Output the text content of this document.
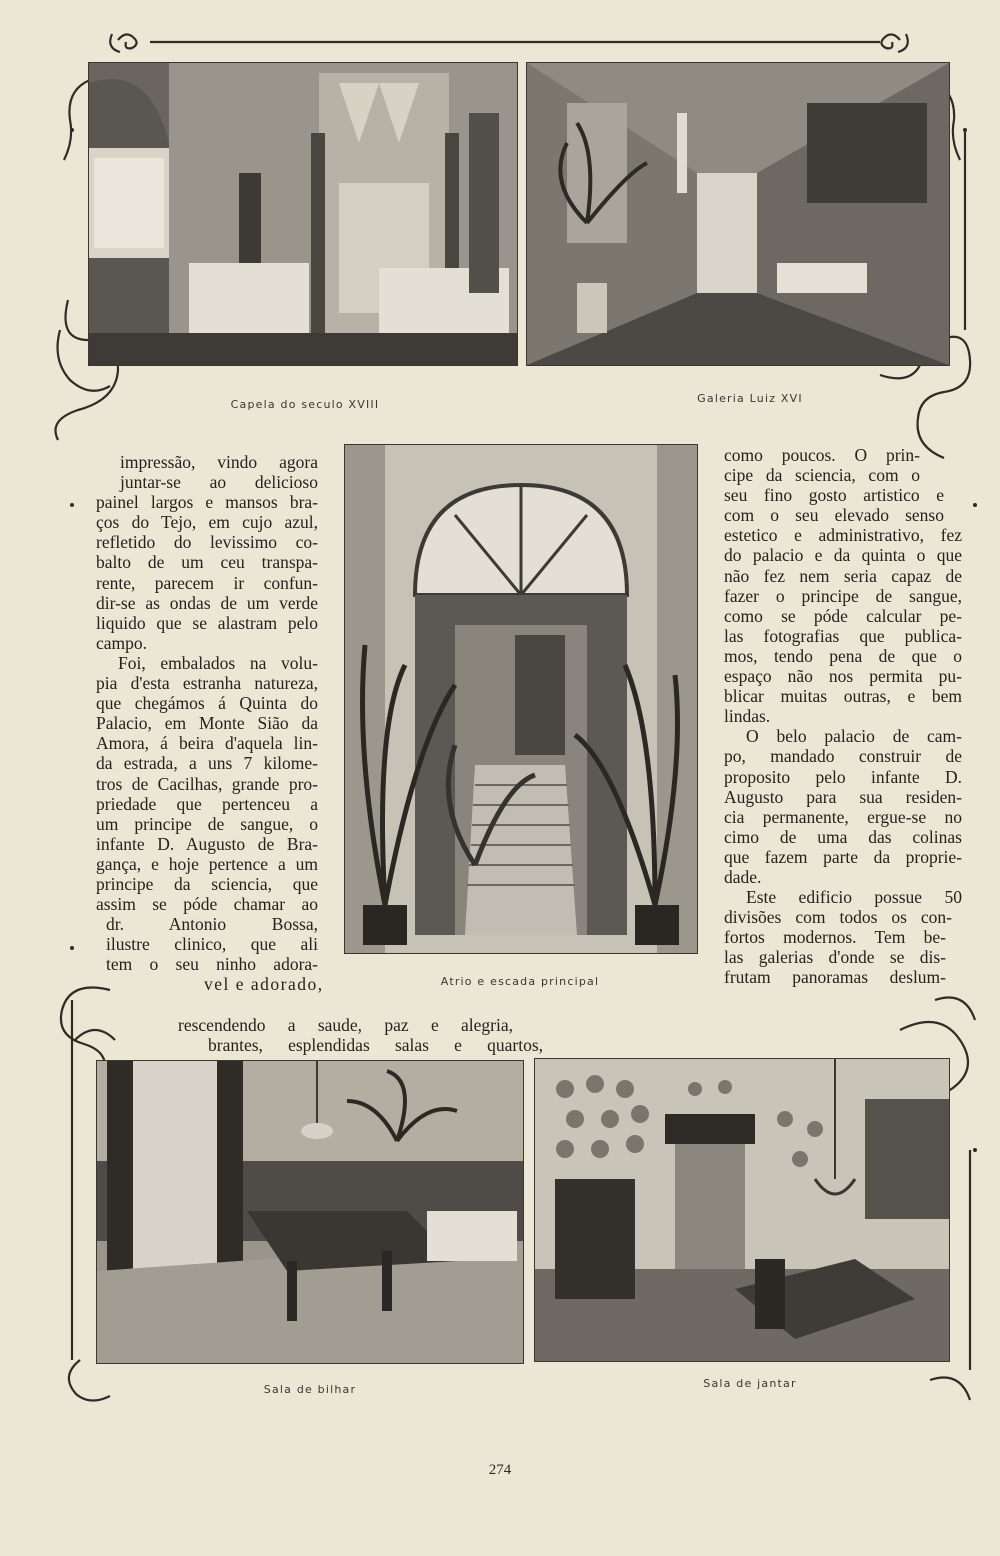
Capela do seculo XVIII	Galeria Luiz XVI
Atrio e escada principal
impressão, vindo agora
juntar-se ao delicioso
painel largos e mansos bra-
ços do Tejo, em cujo azul,
refletido do levissimo co-
balto de um ceu transpa-
rente, parecem ir confun-
dir-se as ondas de um verde
liquido que se alastram pelo
campo.
Foi, embalados na volu-
pia d'esta estranha natureza,
que chegámos á Quinta do
Palacio, em Monte Sião da
Amora, á beira d'aquela lin-
da estrada, a uns 7 kilome-
tros de Cacilhas, grande pro-
priedade que pertenceu a
um principe de sangue, o
infante D. Augusto de Bra-
gança, e hoje pertence a um
principe da sciencia, que
assim se póde chamar ao
dr. Antonio Bossa,
ilustre clinico, que ali
tem o seu ninho adora-
vel e adorado,
como poucos. O prin-
cipe da sciencia, com o
seu fino gosto artistico e
com o seu elevado senso
estetico e administrativo, fez
do palacio e da quinta o que
não fez nem seria capaz de
fazer o principe de sangue,
como se póde calcular pe-
las fotografias que publica-
mos, tendo pena de que o
espaço não nos permita pu-
blicar muitas outras, e bem
lindas.
O belo palacio de cam-
po, mandado construir de
proposito pelo infante D.
Augusto para sua residen-
cia permanente, ergue-se no
cimo de uma das colinas
que fazem parte da proprie-
dade.
Este edificio possue 50
divisões com todos os con-
fortos modernos. Tem be-
las galerias d'onde se dis-
frutam panoramas deslum-
rescendendo a saude, paz e alegria, brantes, esplendidas salas e quartos,
Sala de bilhar	Sala de jantar
274
